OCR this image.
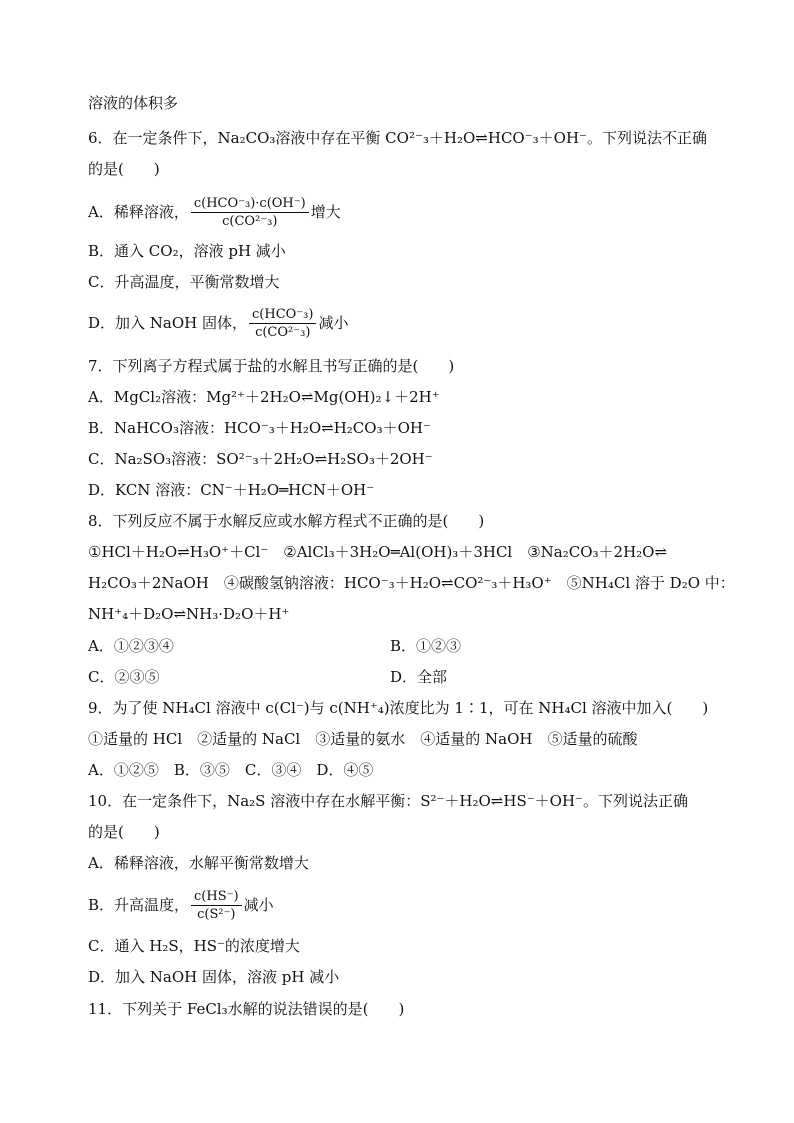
溶液的体积多
6．在一定条件下，Na₂CO₃溶液中存在平衡 CO²⁻₃＋H₂O⇌HCO⁻₃＋OH⁻。下列说法不正确
的是(　　)
A．稀释溶液， $\frac{\text{c(HCO⁻₃)·c(OH⁻)}}{\text{c(CO²⁻₃)}}$ 增大
B．通入 CO₂，溶液 pH 减小
C．升高温度，平衡常数增大
D．加入 NaOH 固体， $\frac{\text{c(HCO⁻₃)}}{\text{c(CO²⁻₃)}}$ 减小
7．下列离子方程式属于盐的水解且书写正确的是(　　)
A．MgCl₂溶液：Mg²⁺＋2H₂O⇌Mg(OH)₂↓＋2H⁺
B．NaHCO₃溶液：HCO⁻₃＋H₂O⇌H₂CO₃＋OH⁻
C．Na₂SO₃溶液：SO²⁻₃＋2H₂O⇌H₂SO₃＋2OH⁻
D．KCN 溶液：CN⁻＋H₂O═HCN＋OH⁻
8．下列反应不属于水解反应或水解方程式不正确的是(　　)
①HCl＋H₂O⇌H₃O⁺＋Cl⁻　②AlCl₃＋3H₂O═Al(OH)₃＋3HCl　③Na₂CO₃＋2H₂O⇌
H₂CO₃＋2NaOH　④碳酸氢钠溶液：HCO⁻₃＋H₂O⇌CO²⁻₃＋H₃O⁺　⑤NH₄Cl 溶于 D₂O 中：
NH⁺₄＋D₂O⇌NH₃·D₂O＋H⁺
A．①②③④	B．①②③
C．②③⑤	D．全部
9．为了使 NH₄Cl 溶液中 c(Cl⁻)与 c(NH⁺₄)浓度比为 1∶1，可在 NH₄Cl 溶液中加入(　　)
①适量的 HCl　②适量的 NaCl　③适量的氨水　④适量的 NaOH　⑤适量的硫酸
A．①②⑤　B．③⑤　C．③④　D．④⑤
10．在一定条件下，Na₂S 溶液中存在水解平衡：S²⁻＋H₂O⇌HS⁻＋OH⁻。下列说法正确
的是(　　)
A．稀释溶液，水解平衡常数增大
B．升高温度， $\frac{c(HS^-)}{\text{c(S²⁻)}}$ 减小
C．通入 H₂S，HS⁻的浓度增大
D．加入 NaOH 固体，溶液 pH 减小
11．下列关于 FeCl₃水解的说法错误的是(　　)
